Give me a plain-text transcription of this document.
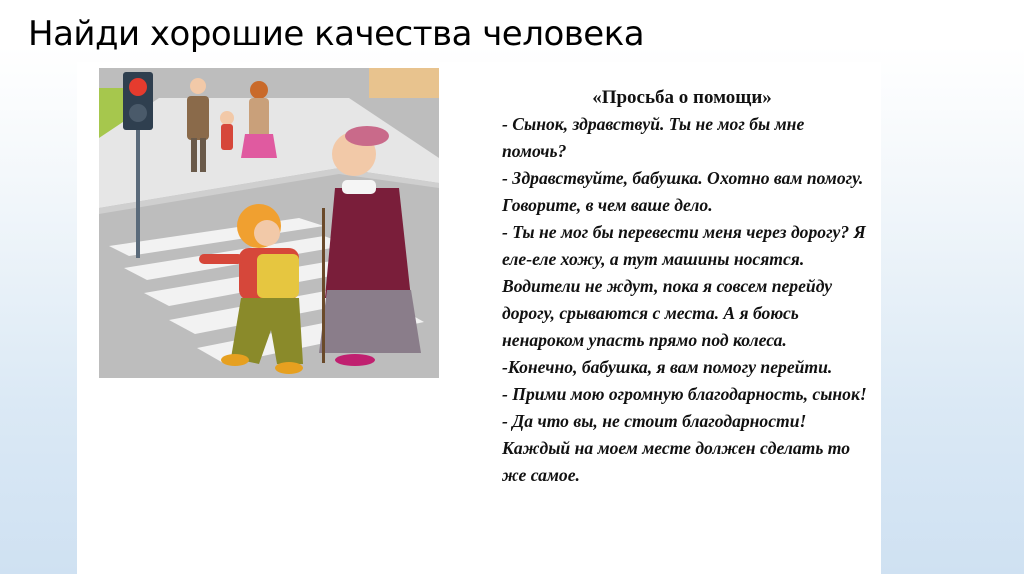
Найди хорошие качества человека

«Просьба о помощи»

- Сынок, здравствуй. Ты не мог бы мне помочь?

- Здравствуйте, бабушка. Охотно вам помогу. Говорите, в чем ваше дело.

- Ты не мог бы перевести меня через дорогу? Я еле-еле хожу, а тут машины носятся. Водители не ждут, пока я совсем перейду дорогу, срываются с места. А я боюсь ненароком упасть прямо под колеса.

-Конечно, бабушка, я вам помогу перейти.

- Прими мою огромную благодарность, сынок!

- Да что вы, не стоит благодарности! Каждый на моем месте должен сделать то же самое.
